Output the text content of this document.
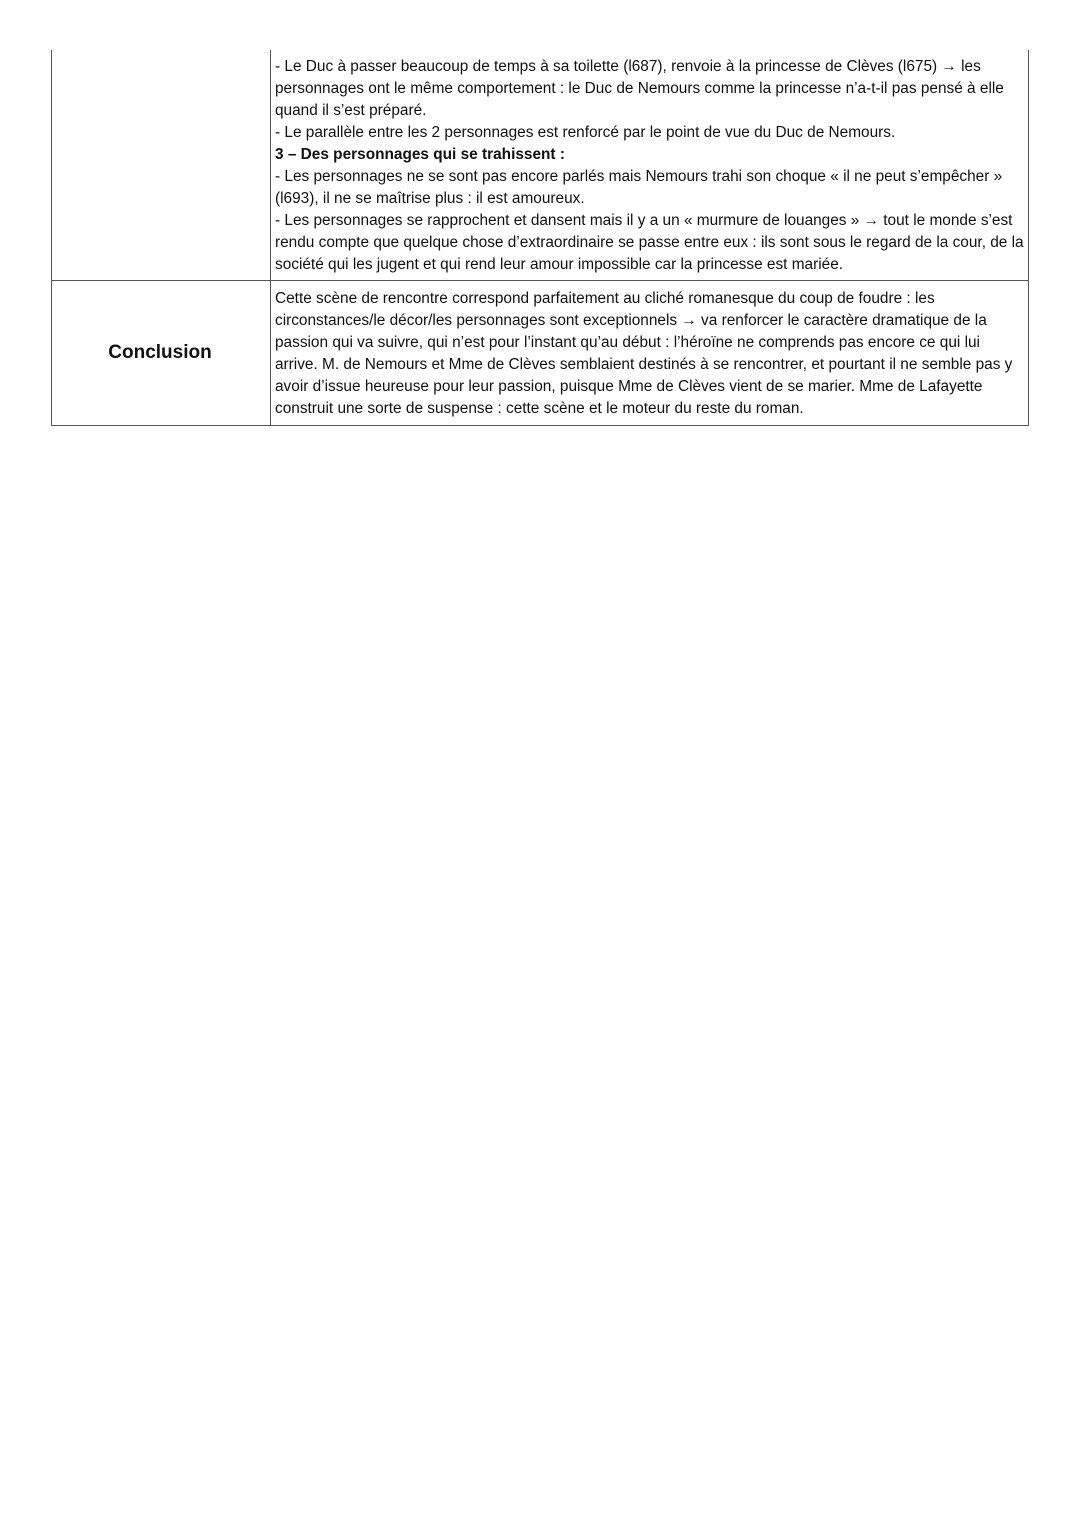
	- Le Duc à passer beaucoup de temps à sa toilette (l687), renvoie à la princesse de Clèves (l675) → les personnages ont le même comportement : le Duc de Nemours comme la princesse n’a-t-il pas pensé à elle quand il s’est préparé.
- Le parallèle entre les 2 personnages est renforcé par le point de vue du Duc de Nemours.
3 – Des personnages qui se trahissent :
- Les personnages ne se sont pas encore parlés mais Nemours trahi son choque « il ne peut s’empêcher » (l693), il ne se maîtrise plus : il est amoureux.
- Les personnages se rapprochent et dansent mais il y a un « murmure de louanges » → tout le monde s’est rendu compte que quelque chose d’extraordinaire se passe entre eux : ils sont sous le regard de la cour, de la société qui les jugent et qui rend leur amour impossible car la princesse est mariée.

Conclusion	Cette scène de rencontre correspond parfaitement au cliché romanesque du coup de foudre : les circonstances/le décor/les personnages sont exceptionnels → va renforcer le caractère dramatique de la passion qui va suivre, qui n’est pour l’instant qu’au début : l’héroïne ne comprends pas encore ce qui lui arrive. M. de Nemours et Mme de Clèves semblaient destinés à se rencontrer, et pourtant il ne semble pas y avoir d’issue heureuse pour leur passion, puisque Mme de Clèves vient de se marier. Mme de Lafayette construit une sorte de suspense : cette scène et le moteur du reste du roman.
